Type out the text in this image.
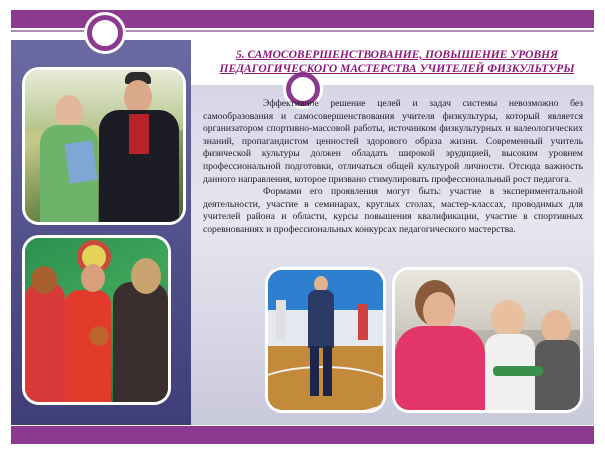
5. САМОСОВЕРШЕНСТВОВАНИЕ, ПОВЫШЕНИЕ УРОВНЯ
ПЕДАГОГИЧЕСКОГО МАСТЕРСТВА УЧИТЕЛЕЙ ФИЗКУЛЬТУРЫ

Эффективное решение целей и задач системы невозможно без самообразования и самосовершенствования учителя физкультуры, который является организатором спортивно-массовой работы, источником физкультурных и валеологических знаний, пропагандистом ценностей здорового образа жизни. Современный учитель физической культуры должен обладать широкой эрудицией, высоким уровнем профессиональной подготовки, отличаться общей культурой личности. Отсюда важность данного направления, которое призвано стимулировать профессиональный рост педагога.

Формами его проявления могут быть: участие в экспериментальной деятельности, участие в семинарах, круглых столах, мастер-классах, проводимых для учителей района и области, курсы повышения квалификации, участие в спортивных соревнованиях и профессиональных конкурсах педагогического мастерства.
